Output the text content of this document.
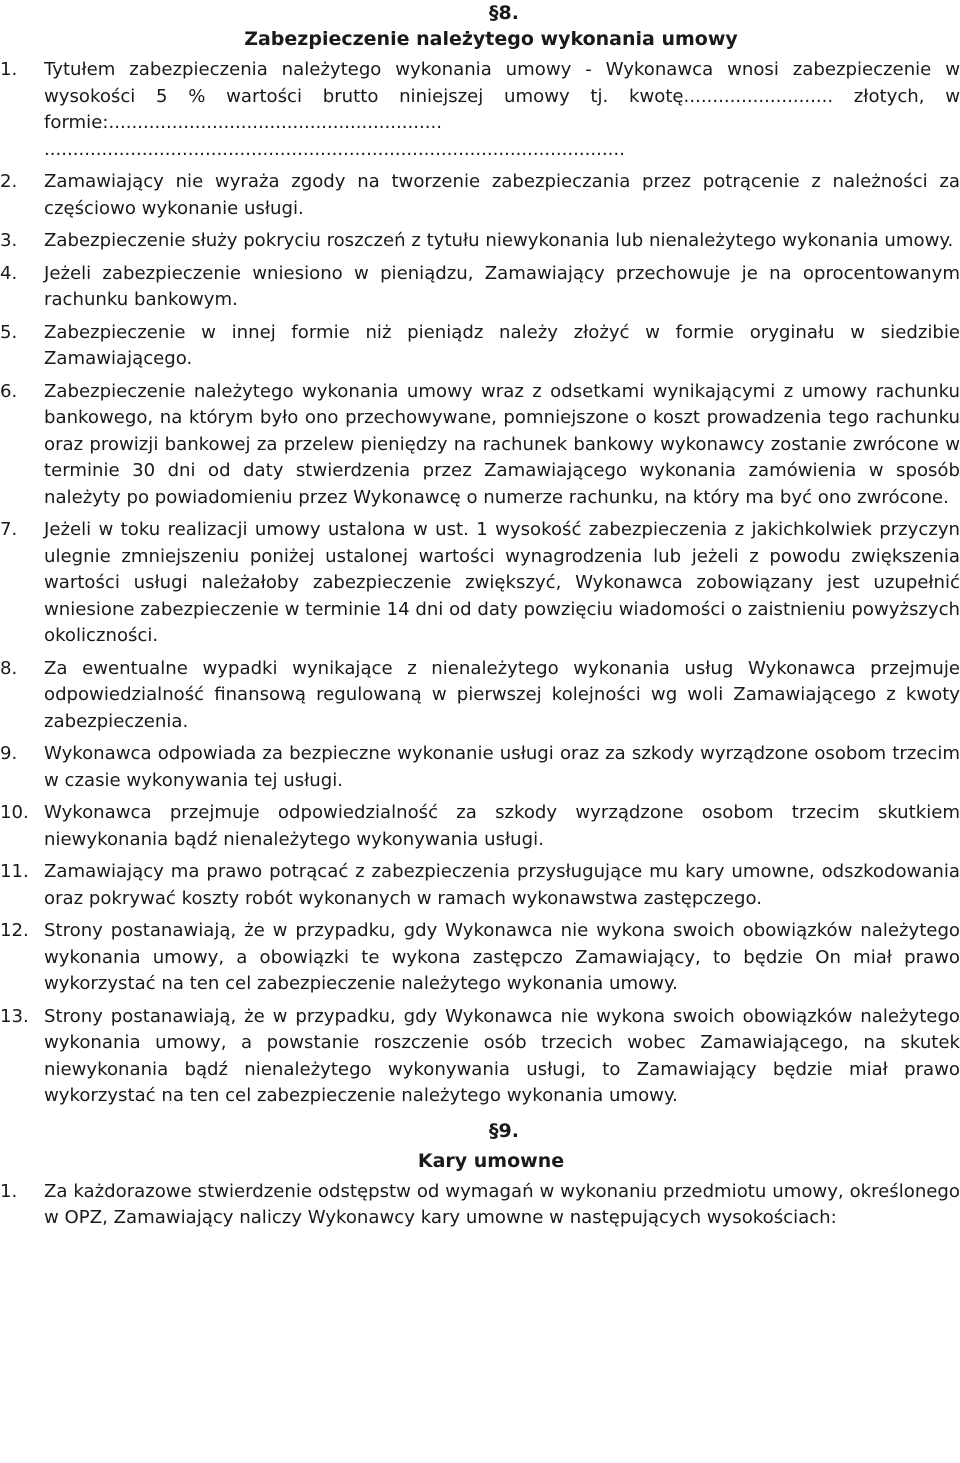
§8.

Zabezpieczenie należytego wykonania umowy

1.	Tytułem zabezpieczenia należytego wykonania umowy - Wykonawca wnosi zabezpieczenie w wysokości 5 % wartości brutto niniejszej umowy tj. kwotę.......................... złotych, w formie:.......................................................... .....................................................................................................
2.	Zamawiający nie wyraża zgody na tworzenie zabezpieczania przez potrącenie z należności za częściowo wykonanie usługi.
3.	Zabezpieczenie służy pokryciu roszczeń z tytułu niewykonania lub nienależytego wykonania umowy.
4.	Jeżeli zabezpieczenie wniesiono w pieniądzu, Zamawiający przechowuje je na oprocentowanym rachunku bankowym.
5.	Zabezpieczenie w innej formie niż pieniądz należy złożyć w formie oryginału w siedzibie Zamawiającego.
6.	Zabezpieczenie należytego wykonania umowy wraz z odsetkami wynikającymi z umowy rachunku bankowego, na którym było ono przechowywane, pomniejszone o koszt prowadzenia tego rachunku oraz prowizji bankowej za przelew pieniędzy na rachunek bankowy wykonawcy zostanie zwrócone w terminie 30 dni od daty stwierdzenia przez Zamawiającego wykonania zamówienia w sposób należyty po powiadomieniu przez Wykonawcę o numerze rachunku, na który ma być ono zwrócone.
7.	Jeżeli w toku realizacji umowy ustalona w ust. 1 wysokość zabezpieczenia z jakichkolwiek przyczyn ulegnie zmniejszeniu poniżej ustalonej wartości wynagrodzenia lub jeżeli z powodu zwiększenia wartości usługi należałoby zabezpieczenie zwiększyć, Wykonawca zobowiązany jest uzupełnić wniesione zabezpieczenie w terminie 14 dni od daty powzięciu wiadomości o zaistnieniu powyższych okoliczności.
8.	Za ewentualne wypadki wynikające z nienależytego wykonania usług Wykonawca przejmuje odpowiedzialność finansową regulowaną w pierwszej kolejności wg woli Zamawiającego z kwoty zabezpieczenia.
9.	Wykonawca odpowiada za bezpieczne wykonanie usługi oraz za szkody wyrządzone osobom trzecim w czasie wykonywania tej usługi.
10. Wykonawca przejmuje odpowiedzialność za szkody wyrządzone osobom trzecim skutkiem niewykonania bądź nienależytego wykonywania usługi.
11. Zamawiający ma prawo potrącać z zabezpieczenia przysługujące mu kary umowne, odszkodowania oraz pokrywać koszty robót wykonanych w ramach wykonawstwa zastępczego.
12. Strony postanawiają, że w przypadku, gdy Wykonawca nie wykona swoich obowiązków należytego wykonania umowy, a obowiązki te wykona zastępczo Zamawiający, to będzie On miał prawo wykorzystać na ten cel zabezpieczenie należytego wykonania umowy.
13. Strony postanawiają, że w przypadku, gdy Wykonawca nie wykona swoich obowiązków należytego wykonania umowy, a powstanie roszczenie osób trzecich wobec Zamawiającego, na skutek niewykonania bądź nienależytego wykonywania usługi, to Zamawiający będzie miał prawo wykorzystać na ten cel zabezpieczenie należytego wykonania umowy.

§9.

Kary umowne

1.	Za każdorazowe stwierdzenie odstępstw od wymagań w wykonaniu przedmiotu umowy, określonego w OPZ, Zamawiający naliczy Wykonawcy kary umowne w następujących wysokościach:
